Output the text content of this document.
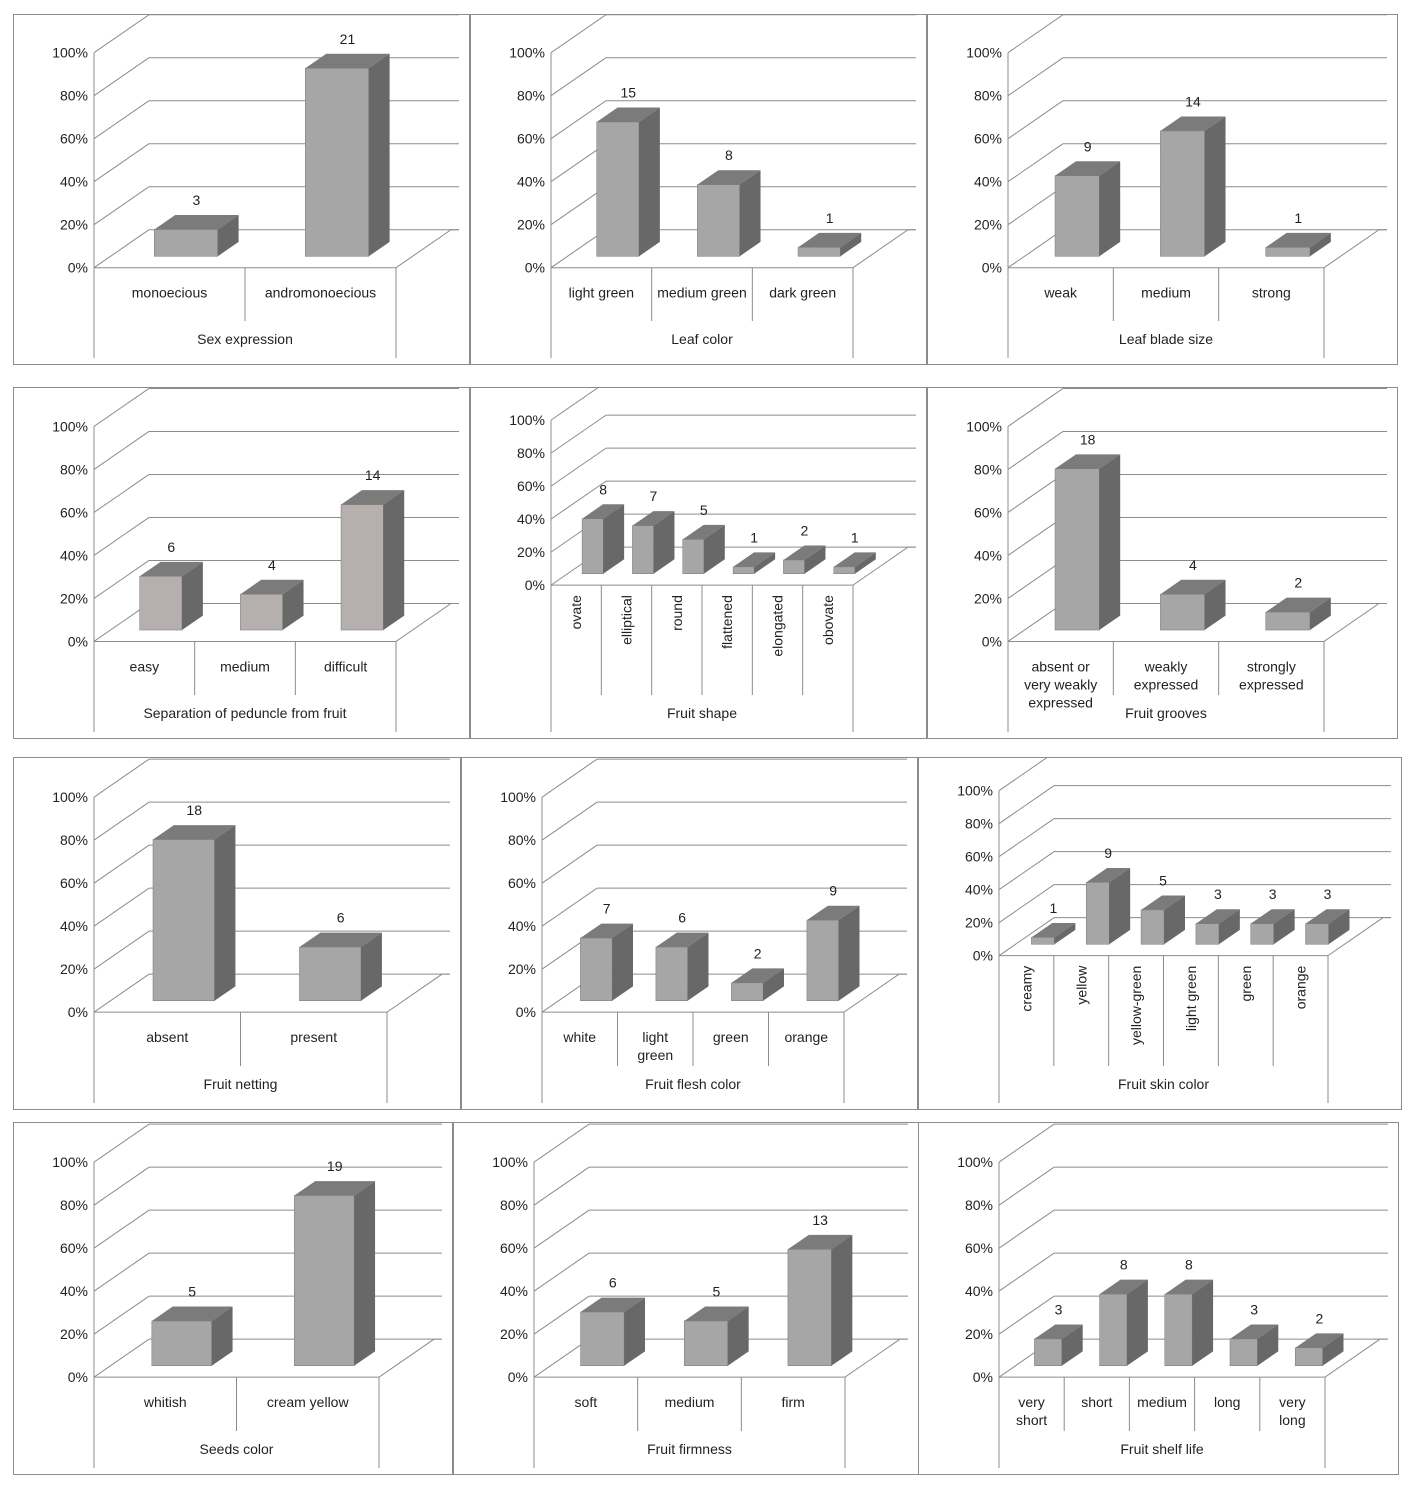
0%
20%
40%
60%
80%
100%
Sex expression
3
monoecious
21
andromonoecious
0%
20%
40%
60%
80%
100%
Leaf color
15
light green
8
medium green
1
dark green
0%
20%
40%
60%
80%
100%
Leaf blade size
9
weak
14
medium
1
strong
0%
20%
40%
60%
80%
100%
Separation of peduncle from fruit
6
easy
4
medium
14
difficult
0%
20%
40%
60%
80%
100%
Fruit shape
8
ovate
7
elliptical
5
round
1
flattened
2
elongated
1
obovate	0%
20%
40%
60%
80%
100%
Fruit grooves
18
absent or very weakly expressed
4
weakly expressed
2
strongly expressed
0%
20%
40%
60%
80%
100%
Fruit netting
18
absent
6
present
0%
20%
40%
60%
80%
100%
Fruit flesh color
7
white
6
light green
2
green
9
orange
0%
20%
40%
60%
80%
100%
Fruit skin color
1
creamy
9
yellow
5
yellow-green
3
light green
3
green
3
orange
0%
20%
40%
60%
80%
100%
Seeds color
5
whitish
19
cream yellow
0%
20%
40%
60%
80%
100%
Fruit firmness
6
soft
5
medium
13
firm
0%
20%
40%
60%
80%
100%
Fruit shelf life
3
very short
8
short
8
medium
3
long
2
very long
